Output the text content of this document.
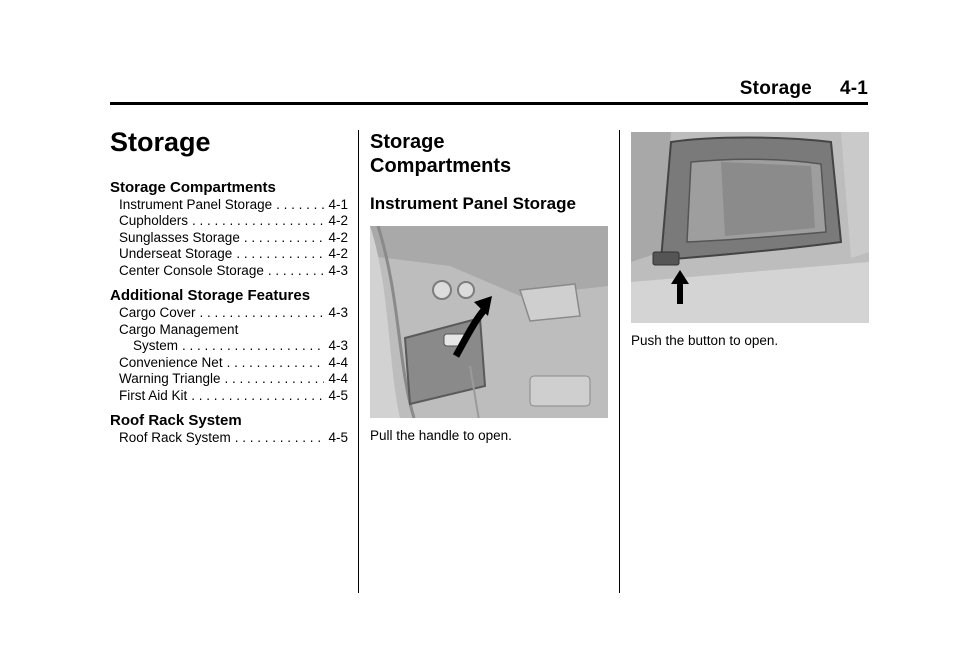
Storage 4-1
Storage
Storage Compartments
Instrument Panel Storage . . .	4-1
Cupholders . . .	4-2
Sunglasses Storage . . .	4-2
Underseat Storage . . .	4-2
Center Console Storage . . .	4-3
Additional Storage Features
Cargo Cover . . .	4-3
Cargo Management
System . . .	4-3
Convenience Net . . .	4-4
Warning Triangle . . .	4-4
First Aid Kit . . .	4-5
Roof Rack System
Roof Rack System . . .	4-5
Storage
Compartments
Instrument Panel Storage
Pull the handle to open.
Push the button to open.
